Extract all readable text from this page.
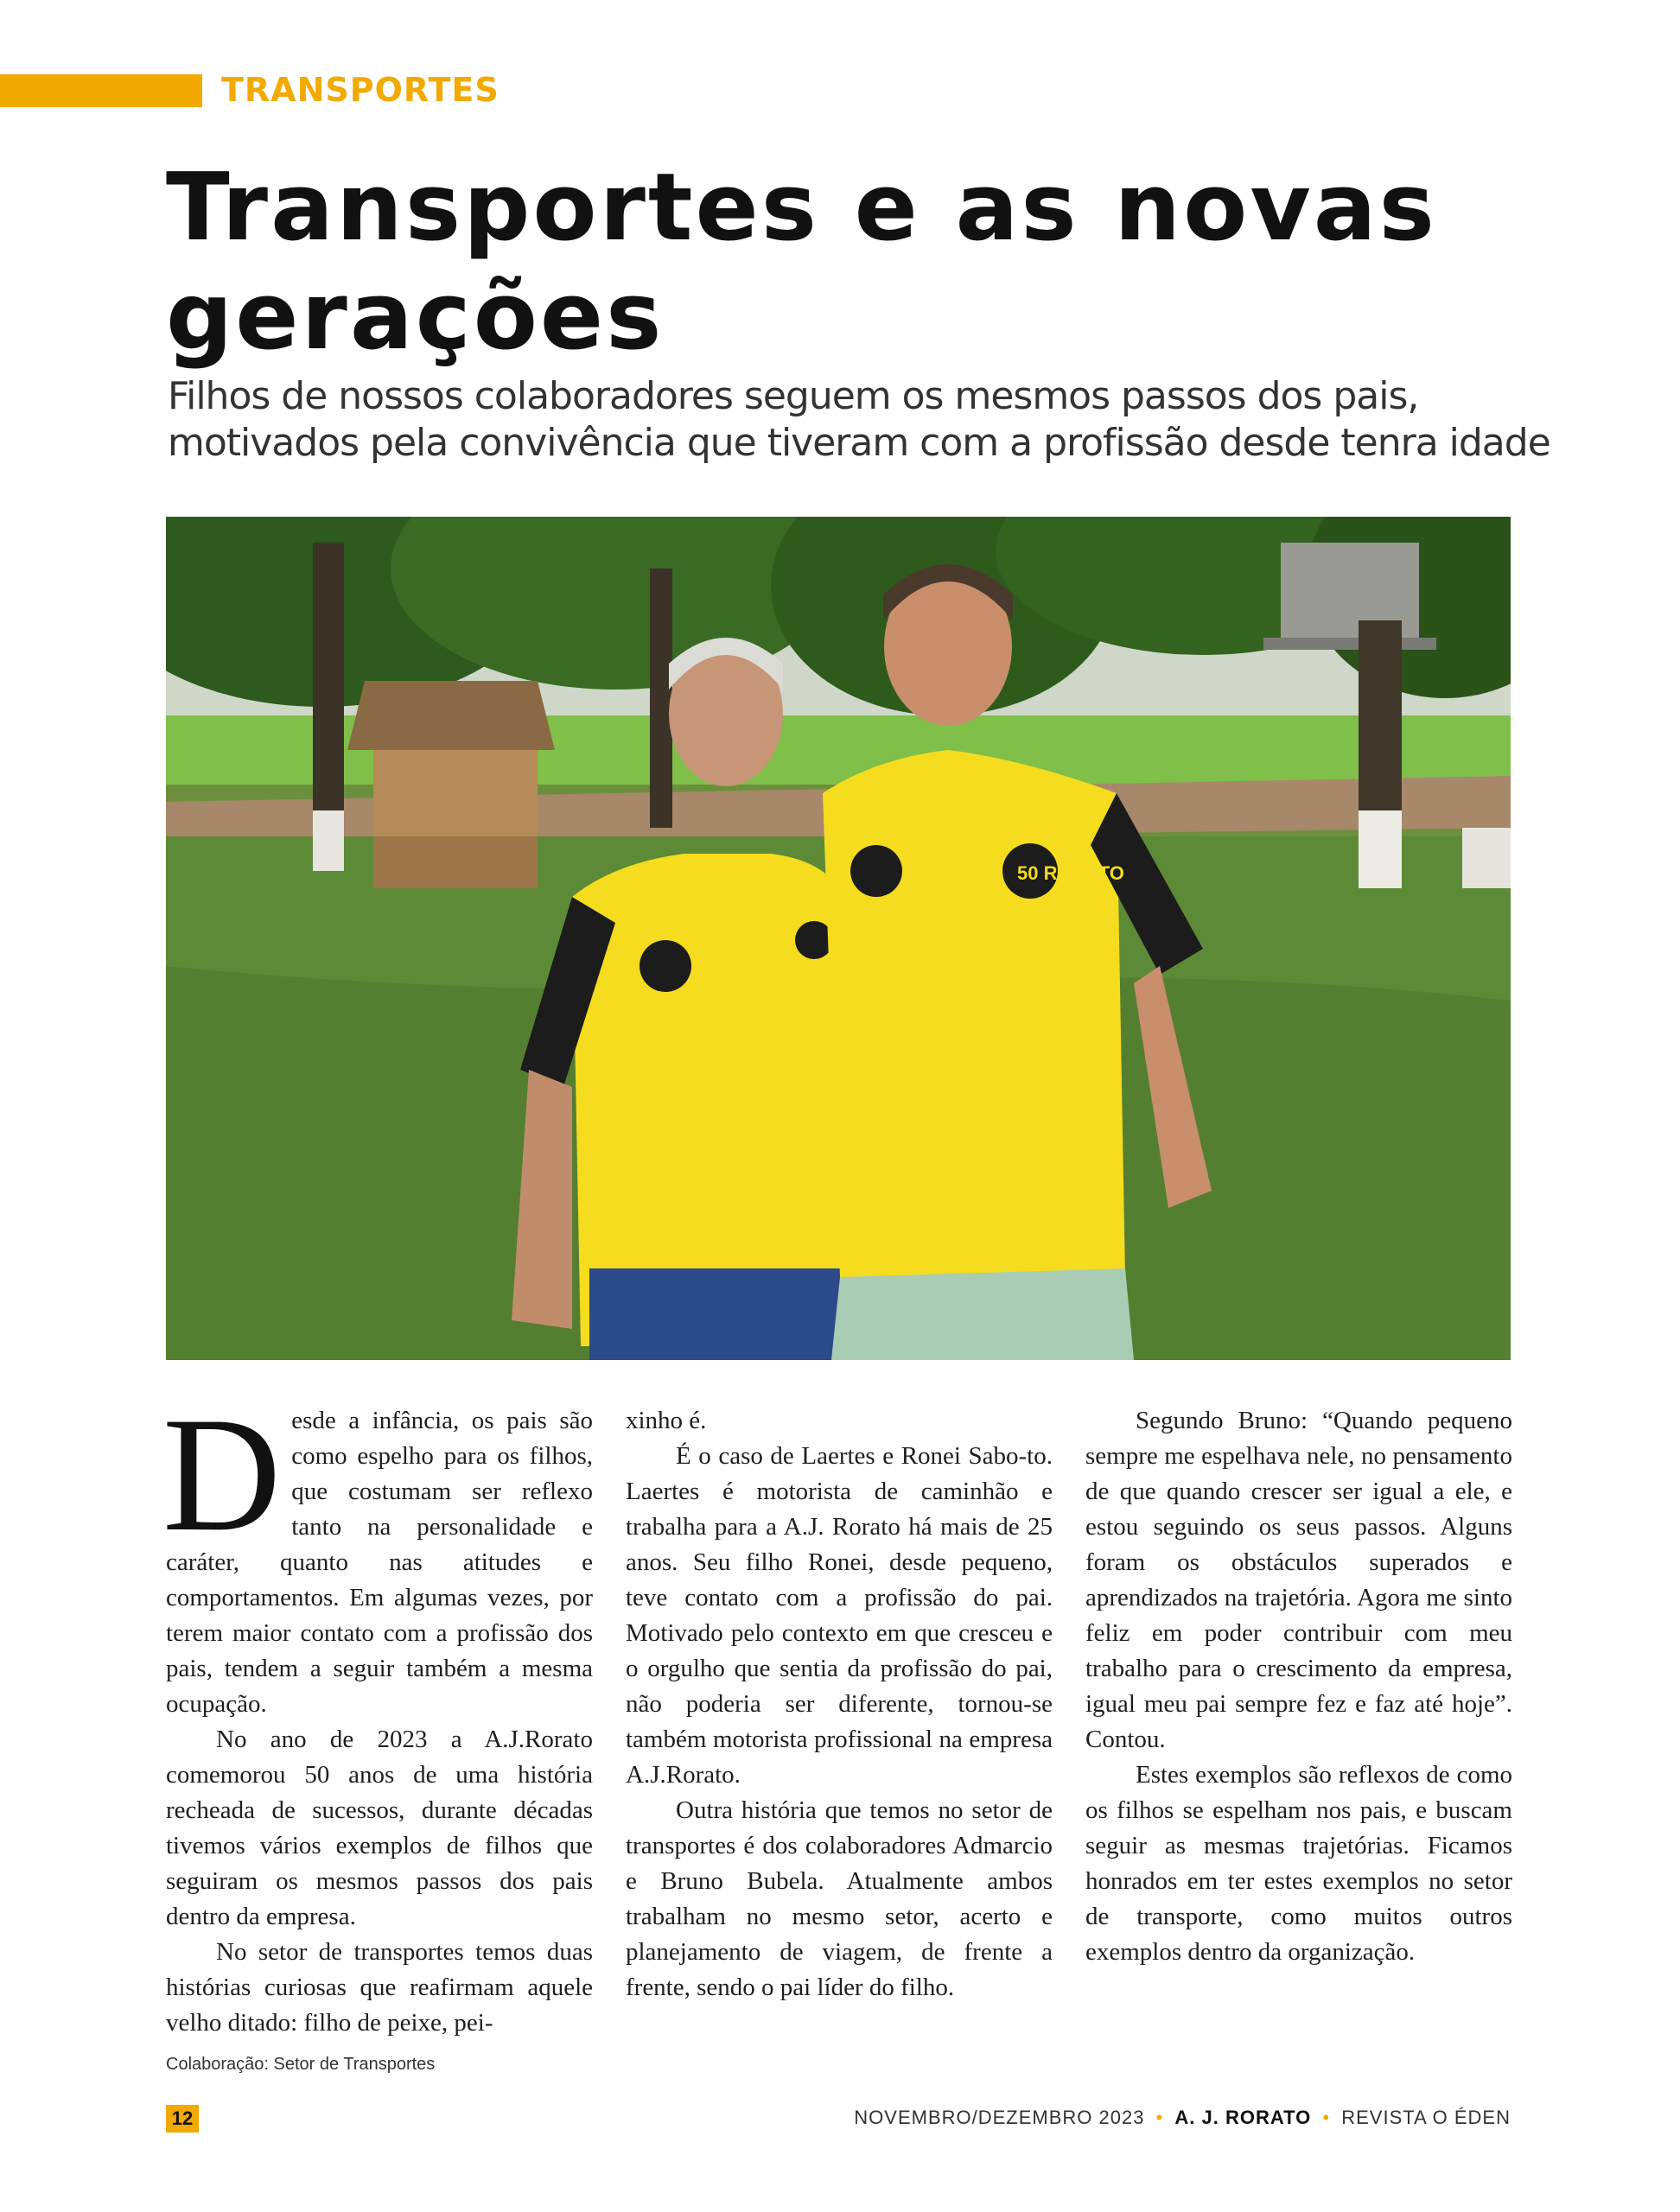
TRANSPORTES
Transportes e as novas gerações

Filhos de nossos colaboradores seguem os mesmos passos dos pais, motivados pela convivência que tiveram com a profissão desde tenra idade

50 RORATO
D esde a infância, os pais são como espelho para os filhos, que costumam ser reflexo tanto na personalidade e caráter, quanto nas atitudes e comportamentos. Em algumas vezes, por terem maior contato com a profissão dos pais, tendem a seguir também a mesma ocupação.

No ano de 2023 a A.J.Rorato comemorou 50 anos de uma história recheada de sucessos, durante décadas tivemos vários exemplos de filhos que seguiram os mesmos passos dos pais dentro da empresa.

No setor de transportes temos duas histórias curiosas que reafirmam aquele velho ditado: filho de peixe, pei-

xinho é.

É o caso de Laertes e Ronei Sabo-to. Laertes é motorista de caminhão e trabalha para a A.J. Rorato há mais de 25 anos. Seu filho Ronei, desde pequeno, teve contato com a profissão do pai. Motivado pelo contexto em que cresceu e o orgulho que sentia da profissão do pai, não poderia ser diferente, tornou-se também motorista profissional na empresa A.J.Rorato.

Outra história que temos no setor de transportes é dos colaboradores Admarcio e Bruno Bubela. Atualmente ambos trabalham no mesmo setor, acerto e planejamento de viagem, de frente a frente, sendo o pai líder do filho.

Segundo Bruno: “Quando pequeno sempre me espelhava nele, no pensamento de que quando crescer ser igual a ele, e estou seguindo os seus passos. Alguns foram os obstáculos superados e aprendizados na trajetória. Agora me sinto feliz em poder contribuir com meu trabalho para o crescimento da empresa, igual meu pai sempre fez e faz até hoje”. Contou.

Estes exemplos são reflexos de como os filhos se espelham nos pais, e buscam seguir as mesmas trajetórias. Ficamos honrados em ter estes exemplos no setor de transporte, como muitos outros exemplos dentro da organização.

Colaboração: Setor de Transportes
12	NOVEMBRO/DEZEMBRO 2023 • A. J. RORATO • REVISTA O ÉDEN
